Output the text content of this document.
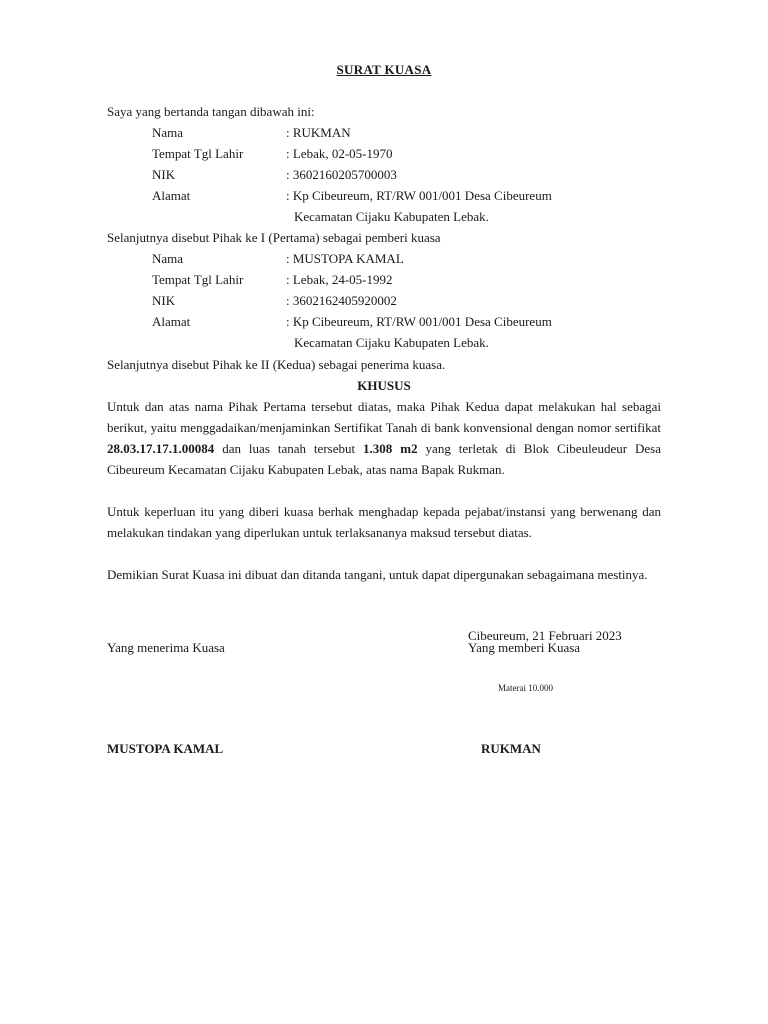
SURAT KUASA
Saya yang bertanda tangan dibawah ini:
Nama	: RUKMAN
Tempat Tgl Lahir	: Lebak, 02-05-1970
NIK	: 3602160205700003
Alamat	: Kp Cibeureum, RT/RW 001/001 Desa Cibeureum
Kecamatan Cijaku Kabupaten Lebak.
Selanjutnya disebut Pihak ke I (Pertama) sebagai pemberi kuasa
Nama	: MUSTOPA KAMAL
Tempat Tgl Lahir	: Lebak, 24-05-1992
NIK	: 3602162405920002
Alamat	: Kp Cibeureum, RT/RW 001/001 Desa Cibeureum
Kecamatan Cijaku Kabupaten Lebak.
Selanjutnya disebut Pihak ke II (Kedua) sebagai penerima kuasa.
KHUSUS
Untuk dan atas nama Pihak Pertama tersebut diatas, maka Pihak Kedua dapat melakukan hal sebagai berikut, yaitu menggadaikan/menjaminkan Sertifikat Tanah di bank konvensional dengan nomor sertifikat 28.03.17.17.1.00084 dan luas tanah tersebut 1.308 m2 yang terletak di Blok Cibeuleudeur Desa Cibeureum Kecamatan Cijaku Kabupaten Lebak, atas nama Bapak Rukman.
Untuk keperluan itu yang diberi kuasa berhak menghadap kepada pejabat/instansi yang berwenang dan melakukan tindakan yang diperlukan untuk terlaksananya maksud tersebut diatas.
Demikian Surat Kuasa ini dibuat dan ditanda tangani, untuk dapat dipergunakan sebagaimana mestinya.
Cibeureum, 21 Februari 2023
Yang menerima Kuasa	Yang memberi Kuasa
Materai 10.000
MUSTOPA KAMAL	RUKMAN
